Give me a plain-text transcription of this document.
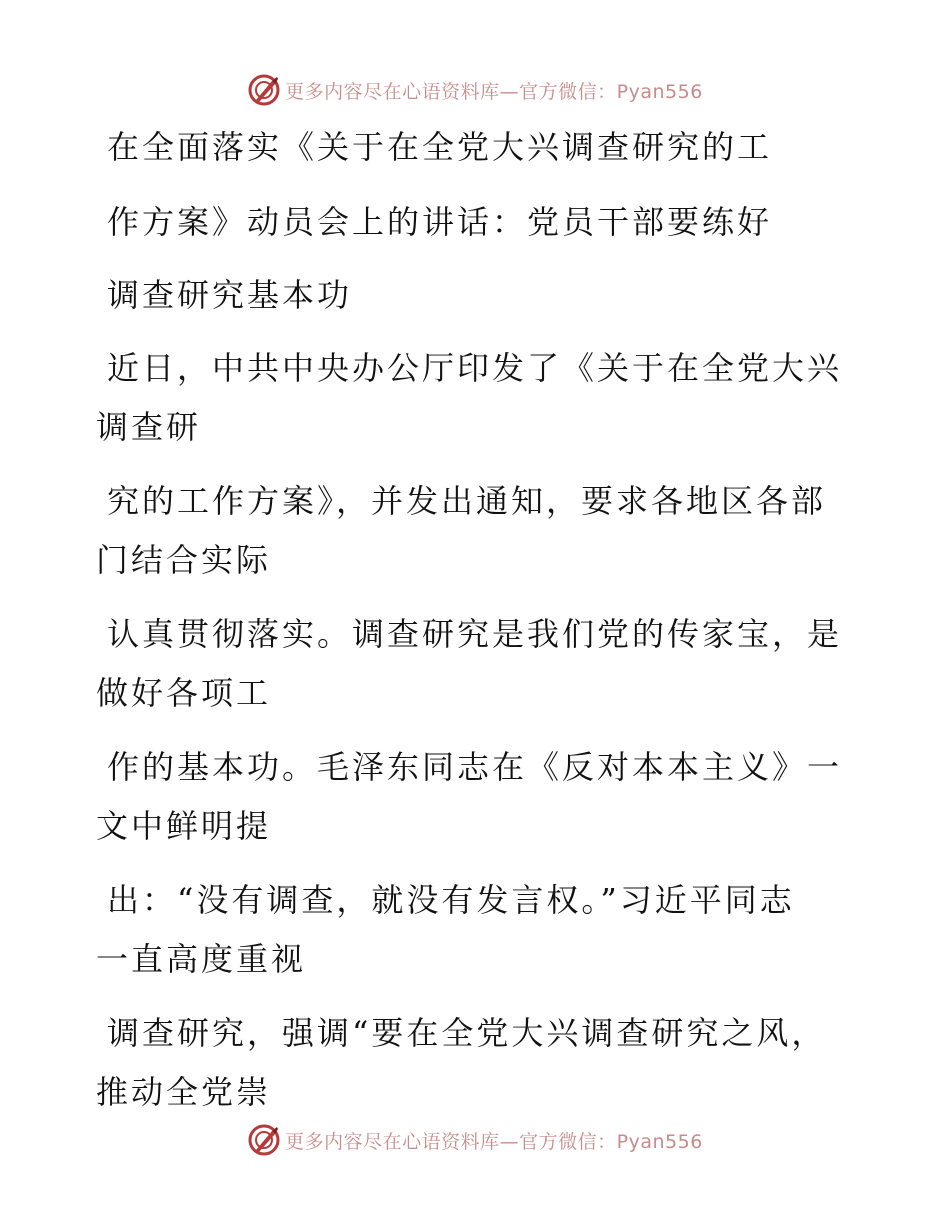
更多内容尽在心语资料库—官方微信：Pyan556
在全面落实《关于在全党大兴调查研究的工
作方案》动员会上的讲话：党员干部要练好
调查研究基本功
近日，中共中央办公厅印发了《关于在全党大兴
调查研
究的工作方案》，并发出通知，要求各地区各部
门结合实际
认真贯彻落实。调查研究是我们党的传家宝，是
做好各项工
作的基本功。毛泽东同志在《反对本本主义》一
文中鲜明提
出：“没有调查，就没有发言权。”习近平同志
一直高度重视
调查研究，强调“要在全党大兴调查研究之风，
推动全党崇
更多内容尽在心语资料库—官方微信：Pyan556
